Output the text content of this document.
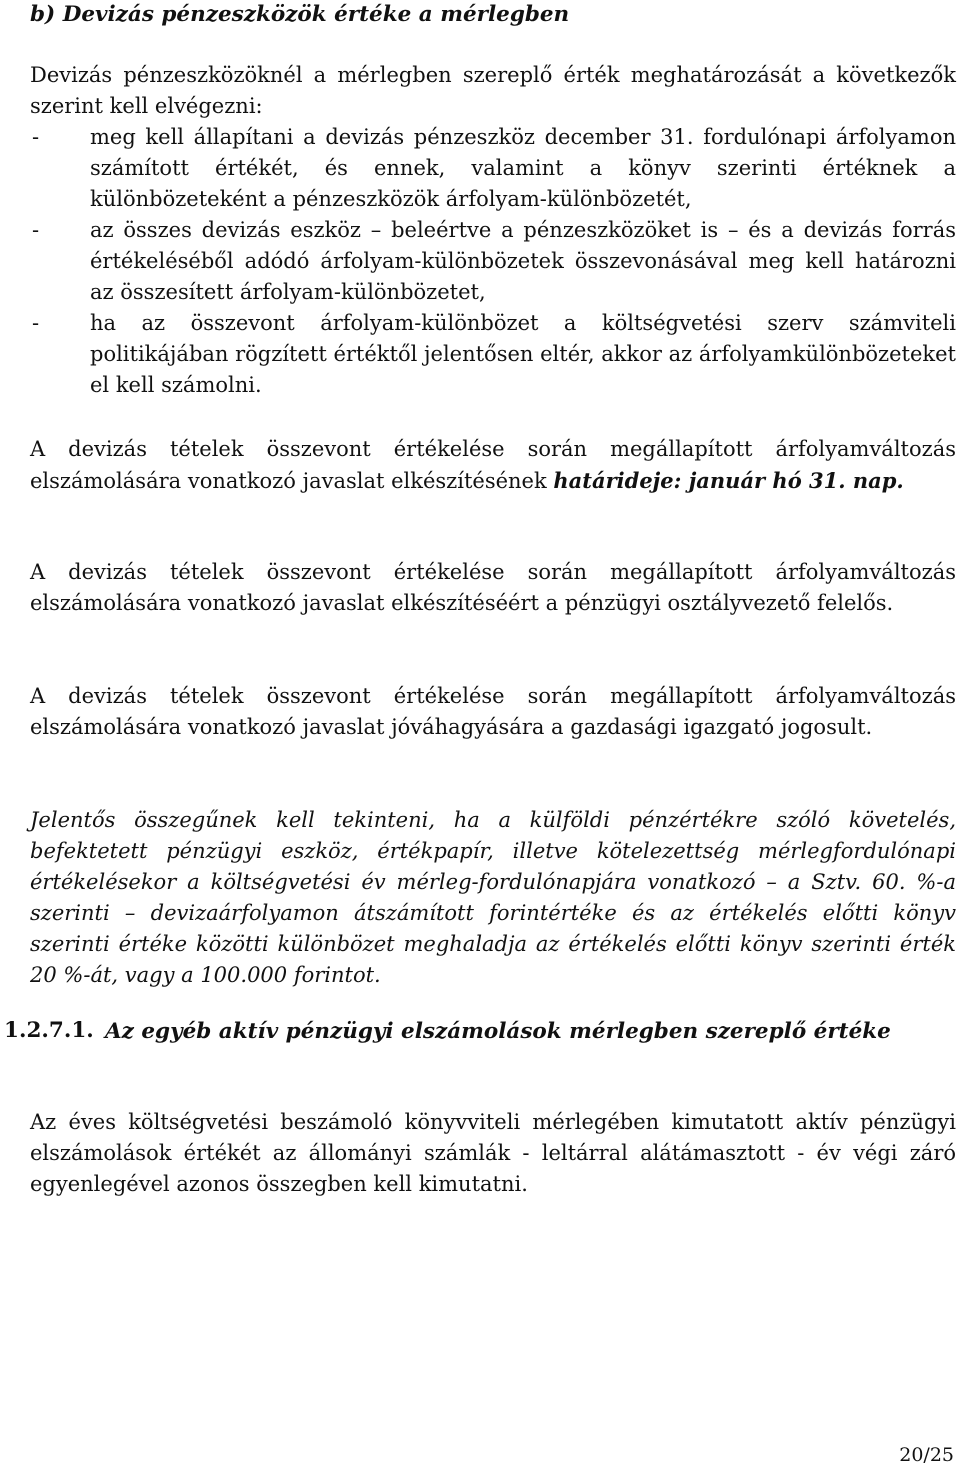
b) Devizás pénzeszközök értéke a mérlegben

Devizás pénzeszközöknél a mérlegben szereplő érték meghatározását a következők szerint kell elvégezni:

- meg kell állapítani a devizás pénzeszköz december 31. fordulónapi árfolyamon számított értékét, és ennek, valamint a könyv szerinti értéknek a különbözeteként a pénzeszközök árfolyam-különbözetét,

- az összes devizás eszköz – beleértve a pénzeszközöket is – és a devizás forrás értékeléséből adódó árfolyam-különbözetek összevonásával meg kell határozni az összesített árfolyam-különbözetet,

- ha az összevont árfolyam-különbözet a költségvetési szerv számviteli politikájában rögzített értéktől jelentősen eltér, akkor az árfolyamkülönbözeteket el kell számolni.

A devizás tételek összevont értékelése során megállapított árfolyamváltozás elszámolására vonatkozó javaslat elkészítésének határideje: január hó 31. nap.

A devizás tételek összevont értékelése során megállapított árfolyamváltozás elszámolására vonatkozó javaslat elkészítéséért a pénzügyi osztályvezető felelős.

A devizás tételek összevont értékelése során megállapított árfolyamváltozás elszámolására vonatkozó javaslat jóváhagyására a gazdasági igazgató jogosult.

Jelentős összegűnek kell tekinteni, ha a külföldi pénzértékre szóló követelés, befektetett pénzügyi eszköz, értékpapír, illetve kötelezettség mérlegfordulónapi értékelésekor a költségvetési év mérleg-fordulónapjára vonatkozó – a Sztv. 60. %-a szerinti – devizaárfolyamon átszámított forintértéke és az értékelés előtti könyv szerinti értéke közötti különbözet meghaladja az értékelés előtti könyv szerinti érték 20 %-át, vagy a 100.000 forintot.

1.2.7.1. Az egyéb aktív pénzügyi elszámolások mérlegben szereplő értéke

Az éves költségvetési beszámoló könyvviteli mérlegében kimutatott aktív pénzügyi elszámolások értékét az állományi számlák - leltárral alátámasztott - év végi záró egyenlegével azonos összegben kell kimutatni.

20/25
